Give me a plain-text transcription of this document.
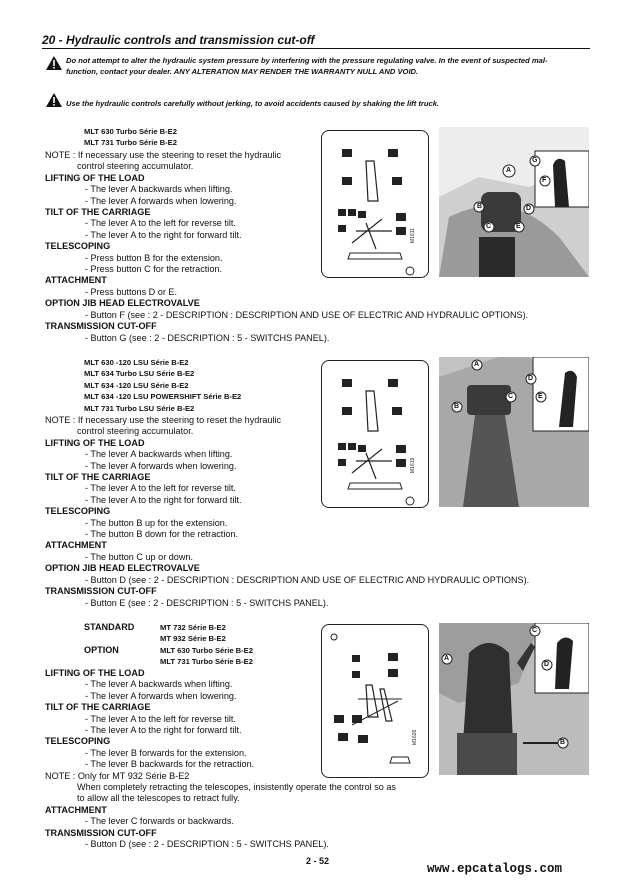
20 - Hydraulic controls and transmission cut-off
Do not attempt to alter the hydraulic system pressure by interfering with the pressure regulating valve. In the event of suspected mal-
function, contact your dealer. ANY ALTERATION MAY RENDER THE WARRANTY NULL AND VOID.
Use the hydraulic controls carefully without jerking, to avoid accidents caused by shaking the lift truck.
MLT 630 Turbo Série B-E2
MLT 731 Turbo Série B-E2
NOTE : If necessary use the steering to reset the hydraulic
control steering accumulator.
LIFTING OF THE LOAD
- The lever A backwards when lifting.
- The lever A forwards when lowering.
TILT OF THE CARRIAGE
- The lever A to the left for reverse tilt.
- The lever A to the right for forward tilt.
TELESCOPING
- Press button B for the extension.
- Press button C for the retraction.
ATTACHMENT
- Press buttons D or E.
OPTION JIB HEAD ELECTROVALVE
- Button F (see : 2 - DESCRIPTION : DESCRIPTION AND USE OF ELECTRIC AND HYDRAULIC OPTIONS).
TRANSMISSION CUT-OFF
- Button G (see : 2 - DESCRIPTION : 5 - SWITCHS PANEL).
M1611
A
B
C
D
E
F
G
MLT 630 -120 LSU Série B-E2
MLT 634 Turbo LSU Série B-E2
MLT 634 -120 LSU Série B-E2
MLT 634 -120 LSU POWERSHIFT Série B-E2
MLT 731 Turbo LSU Série B-E2
NOTE : If necessary use the steering to reset the hydraulic
control steering accumulator.
LIFTING OF THE LOAD
- The lever A backwards when lifting.
- The lever A forwards when lowering.
TILT OF THE CARRIAGE
- The lever A to the left for reverse tilt.
- The lever A to the right for forward tilt.
TELESCOPING
- The button B up for the extension.
- The button B down for the retraction.
ATTACHMENT
- The button C up or down.
OPTION JIB HEAD ELECTROVALVE
- Button D (see : 2 - DESCRIPTION : DESCRIPTION AND USE OF ELECTRIC AND HYDRAULIC OPTIONS).
TRANSMISSION CUT-OFF
- Button E (see : 2 - DESCRIPTION : 5 - SWITCHS PANEL).
M1619
A
B
C
D
E
STANDARD
OPTION
MT 732 Série B-E2
MT 932 Série B-E2
MLT 630 Turbo Série B-E2
MLT 731 Turbo Série B-E2
LIFTING OF THE LOAD
- The lever A backwards when lifting.
- The lever A forwards when lowering.
TILT OF THE CARRIAGE
- The lever A to the left for reverse tilt.
- The lever A to the right for forward tilt.
TELESCOPING
- The lever B forwards for the extension.
- The lever B backwards for the retraction.
NOTE : Only for MT 932 Série B-E2
When completely retracting the telescopes, insistently operate the control so as
to allow all the telescopes to retract fully.
ATTACHMENT
- The lever C forwards or backwards.
TRANSMISSION CUT-OFF
- Button D (see : 2 - DESCRIPTION : 5 - SWITCHS PANEL).
M1626
A
B
C
D
2 - 52
www.epcatalogs.com
